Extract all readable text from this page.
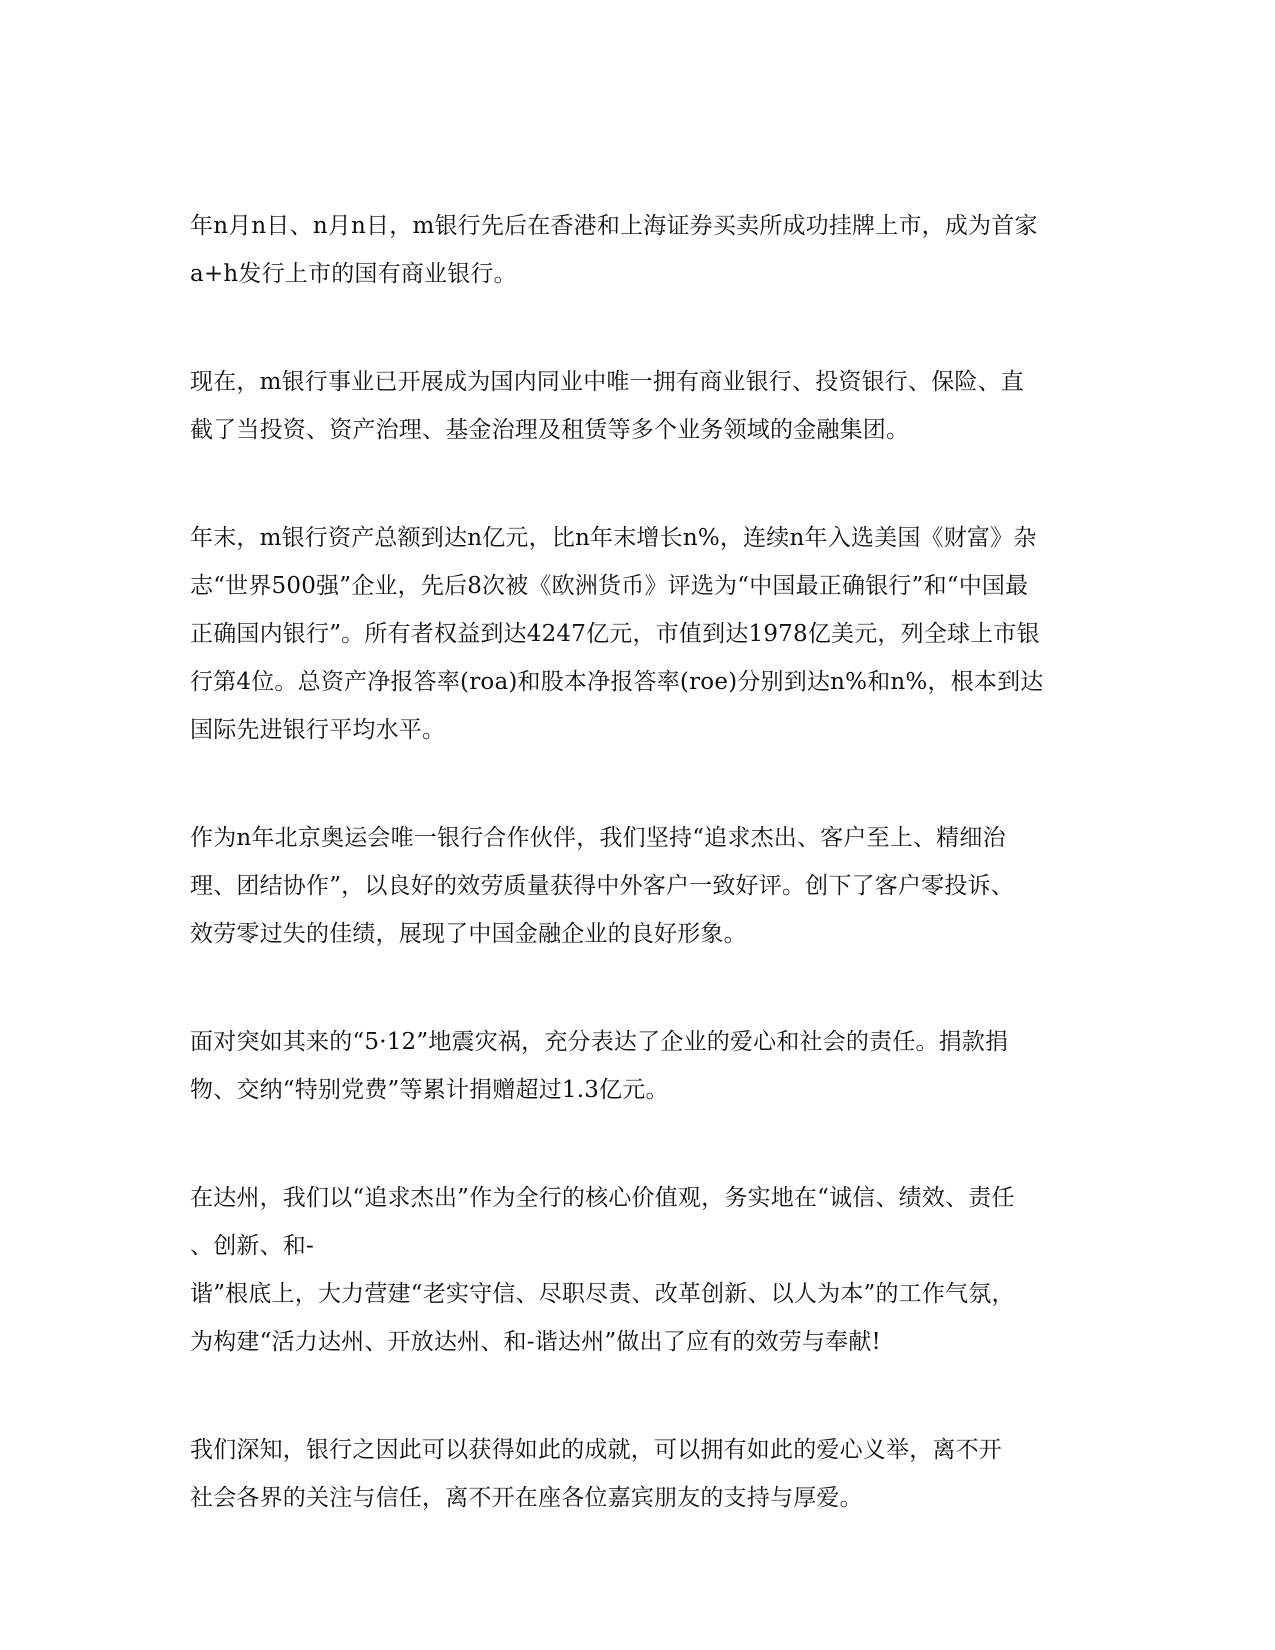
年n月n日、n月n日，m银行先后在香港和上海证券买卖所成功挂牌上市，成为首家
a+h发行上市的国有商业银行。
现在，m银行事业已开展成为国内同业中唯一拥有商业银行、投资银行、保险、直
截了当投资、资产治理、基金治理及租赁等多个业务领域的金融集团。
年末，m银行资产总额到达n亿元，比n年末增长n%，连续n年入选美国《财富》杂
志“世界500强”企业，先后8次被《欧洲货币》评选为“中国最正确银行”和“中国最
正确国内银行”。所有者权益到达4247亿元，市值到达1978亿美元，列全球上市银
行第4位。总资产净报答率(roa)和股本净报答率(roe)分别到达n%和n%，根本到达
国际先进银行平均水平。
作为n年北京奥运会唯一银行合作伙伴，我们坚持“追求杰出、客户至上、精细治
理、团结协作”，以良好的效劳质量获得中外客户一致好评。创下了客户零投诉、
效劳零过失的佳绩，展现了中国金融企业的良好形象。
面对突如其来的“5·12”地震灾祸，充分表达了企业的爱心和社会的责任。捐款捐
物、交纳“特别党费”等累计捐赠超过1.3亿元。
在达州，我们以“追求杰出”作为全行的核心价值观，务实地在“诚信、绩效、责任
、创新、和-
谐”根底上，大力营建“老实守信、尽职尽责、改革创新、以人为本”的工作气氛，
为构建“活力达州、开放达州、和-谐达州”做出了应有的效劳与奉献!
我们深知，银行之因此可以获得如此的成就，可以拥有如此的爱心义举，离不开
社会各界的关注与信任，离不开在座各位嘉宾朋友的支持与厚爱。
